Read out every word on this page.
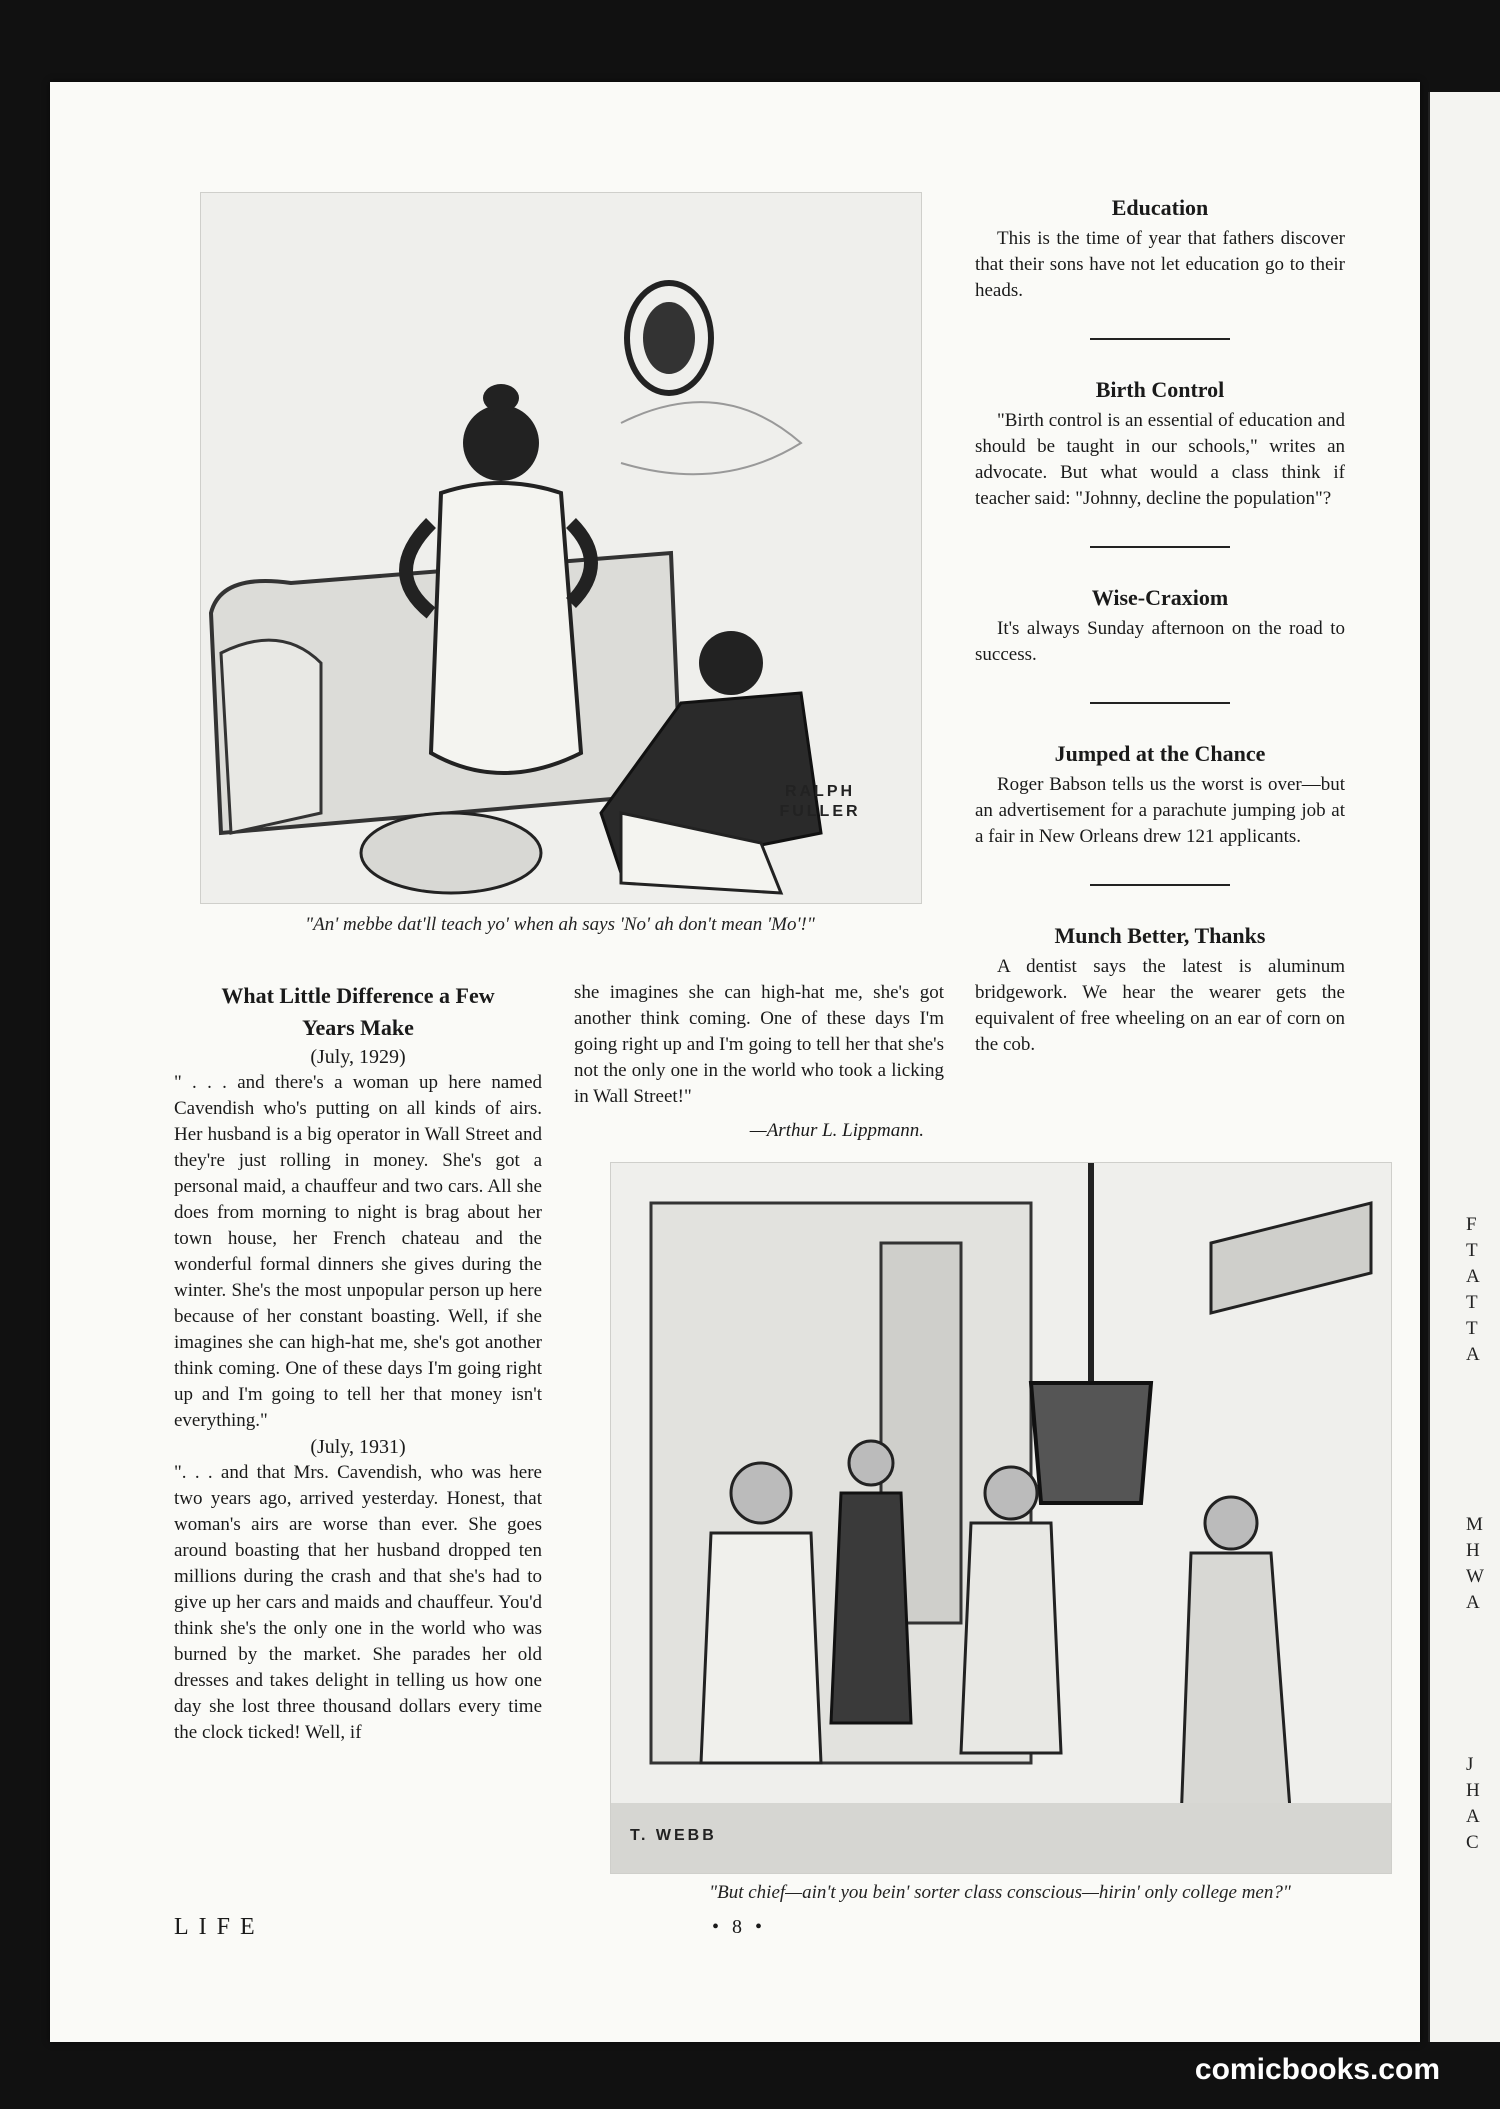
RALPH FULLER
"An' mebbe dat'll teach yo' when ah says 'No' ah don't mean 'Mo'!"

What Little Difference a Few Years Make

(July, 1929)

" . . . and there's a woman up here named Cavendish who's putting on all kinds of airs. Her husband is a big operator in Wall Street and they're just rolling in money. She's got a personal maid, a chauffeur and two cars. All she does from morning to night is brag about her town house, her French chateau and the wonderful formal dinners she gives during the winter. She's the most unpopular person up here because of her constant boasting. Well, if she imagines she can high-hat me, she's got another think coming. One of these days I'm going right up and I'm going to tell her that money isn't everything."

(July, 1931)

". . . and that Mrs. Cavendish, who was here two years ago, arrived yesterday. Honest, that woman's airs are worse than ever. She goes around boasting that her husband dropped ten millions during the crash and that she's had to give up her cars and maids and chauffeur. You'd think she's the only one in the world who was burned by the market. She parades her old dresses and takes delight in telling us how one day she lost three thousand dollars every time the clock ticked! Well, if

she imagines she can high-hat me, she's got another think coming. One of these days I'm going right up and I'm going to tell her that she's not the only one in the world who took a licking in Wall Street!"

—Arthur L. Lippmann.

Education

This is the time of year that fathers discover that their sons have not let education go to their heads.

Birth Control

"Birth control is an essential of education and should be taught in our schools," writes an advocate. But what would a class think if teacher said: "Johnny, decline the population"?

Wise-Craxiom

It's always Sunday afternoon on the road to success.

Jumped at the Chance

Roger Babson tells us the worst is over—but an advertisement for a parachute jumping job at a fair in New Orleans drew 121 applicants.

Munch Better, Thanks

A dentist says the latest is aluminum bridgework. We hear the wearer gets the equivalent of free wheeling on an ear of corn on the cob.

T. WEBB
"But chief—ain't you bein' sorter class conscious—hirin' only college men?"
LIFE	• 8 •
F
T
A
T
T
A
M
H
W
A
J
H
A
C
comicbooks.com
